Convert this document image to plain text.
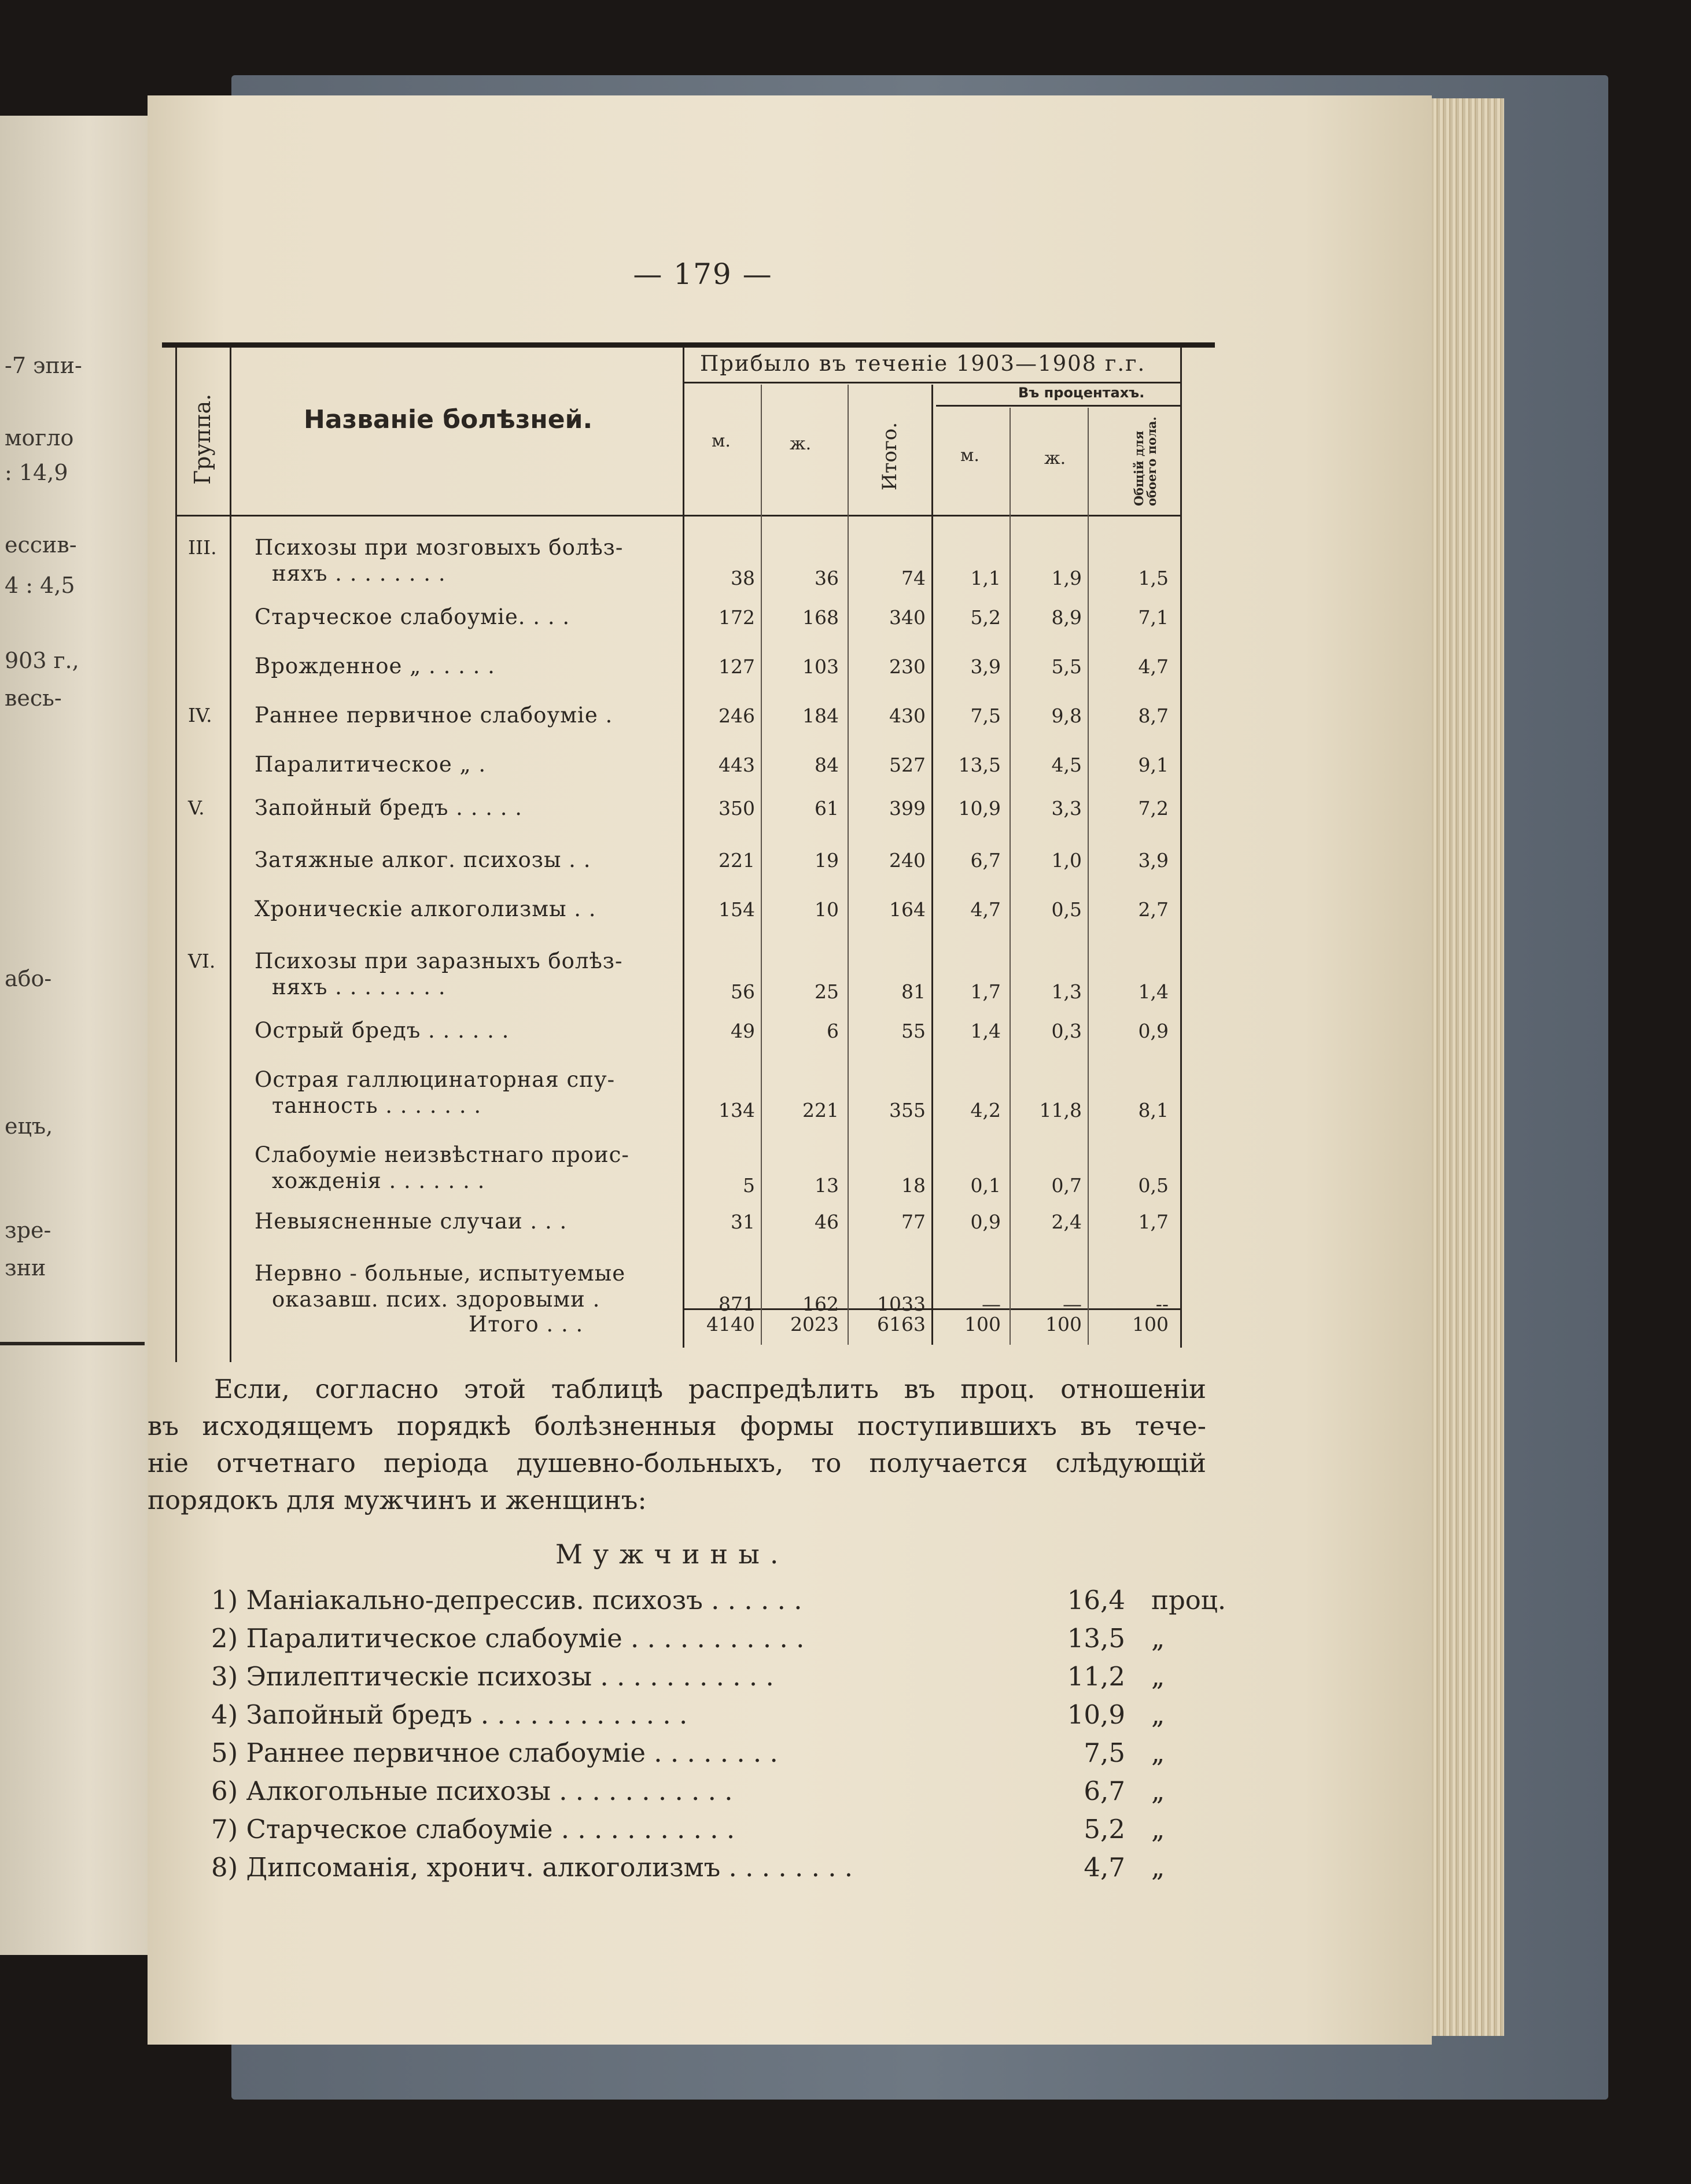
-7 эпи-
могло
: 14,9
ессив-
4 : 4,5
903 г.,
весь-
або-
ецъ,
зре-
зни
— 179 —
Группа.	Названіе болѣзней.
Прибыло въ теченіе 1903—1908 г.г.
Въ процентахъ.
м.	ж.	Итого.	м.	ж.	Общій для обоего пола.
III. Психозы при мозговыхъ болѣз-
няхъ . . . . . . . .	38	36	74	1,1	1,9	1,5
Старческое слабоуміе. . . .	172	168	340	5,2	8,9	7,1
Врожденное „ . . . . .	127	103	230	3,9	5,5	4,7
IV. Раннее первичное слабоуміе .	246	184	430	7,5	9,8	8,7
Паралитическое „ .	443	84	527	13,5	4,5	9,1
V. Запойный бредъ . . . . .	350	61	399	10,9	3,3	7,2
Затяжные алког. психозы . .	221	19	240	6,7	1,0	3,9
Хроническіе алкоголизмы . .	154	10	164	4,7	0,5	2,7
VI. Психозы при заразныхъ болѣз-
няхъ . . . . . . . .	56	25	81	1,7	1,3	1,4
Острый бредъ . . . . . .	49	6	55	1,4	0,3	0,9
Острая галлюцинаторная спу-
танность . . . . . . .	134	221	355	4,2	11,8	8,1
Слабоуміе неизвѣстнаго проис-
хожденія . . . . . . .	5	13	18	0,1	0,7	0,5
Невыясненные случаи . . .	31	46	77	0,9	2,4	1,7
Нервно - больные, испытуемые
оказавш. псих. здоровыми .	871	162	1033	—	—	--
Итого . . .	4140	2023	6163	100	100	100
Если, согласно этой таблицѣ распредѣлить въ проц. отношеніи
въ исходящемъ порядкѣ болѣзненныя формы поступившихъ въ тече-
ніе отчетнаго періода душевно-больныхъ, то получается слѣдующій
порядокъ для мужчинъ и женщинъ:
Мужчины.
1) Маніакально-депрессив. психозъ . . . . . .	16,4 проц.
2) Паралитическое слабоуміе . . . . . . . . . . .	13,5 „
3) Эпилептическіе психозы . . . . . . . . . . .	11,2 „
4) Запойный бредъ . . . . . . . . . . . . .	10,9 „
5) Раннее первичное слабоуміе . . . . . . . .	7,5 „
6) Алкогольные психозы . . . . . . . . . . .	6,7 „
7) Старческое слабоуміе . . . . . . . . . . .	5,2 „
8) Дипсоманія, хронич. алкоголизмъ . . . . . . . .	4,7 „
